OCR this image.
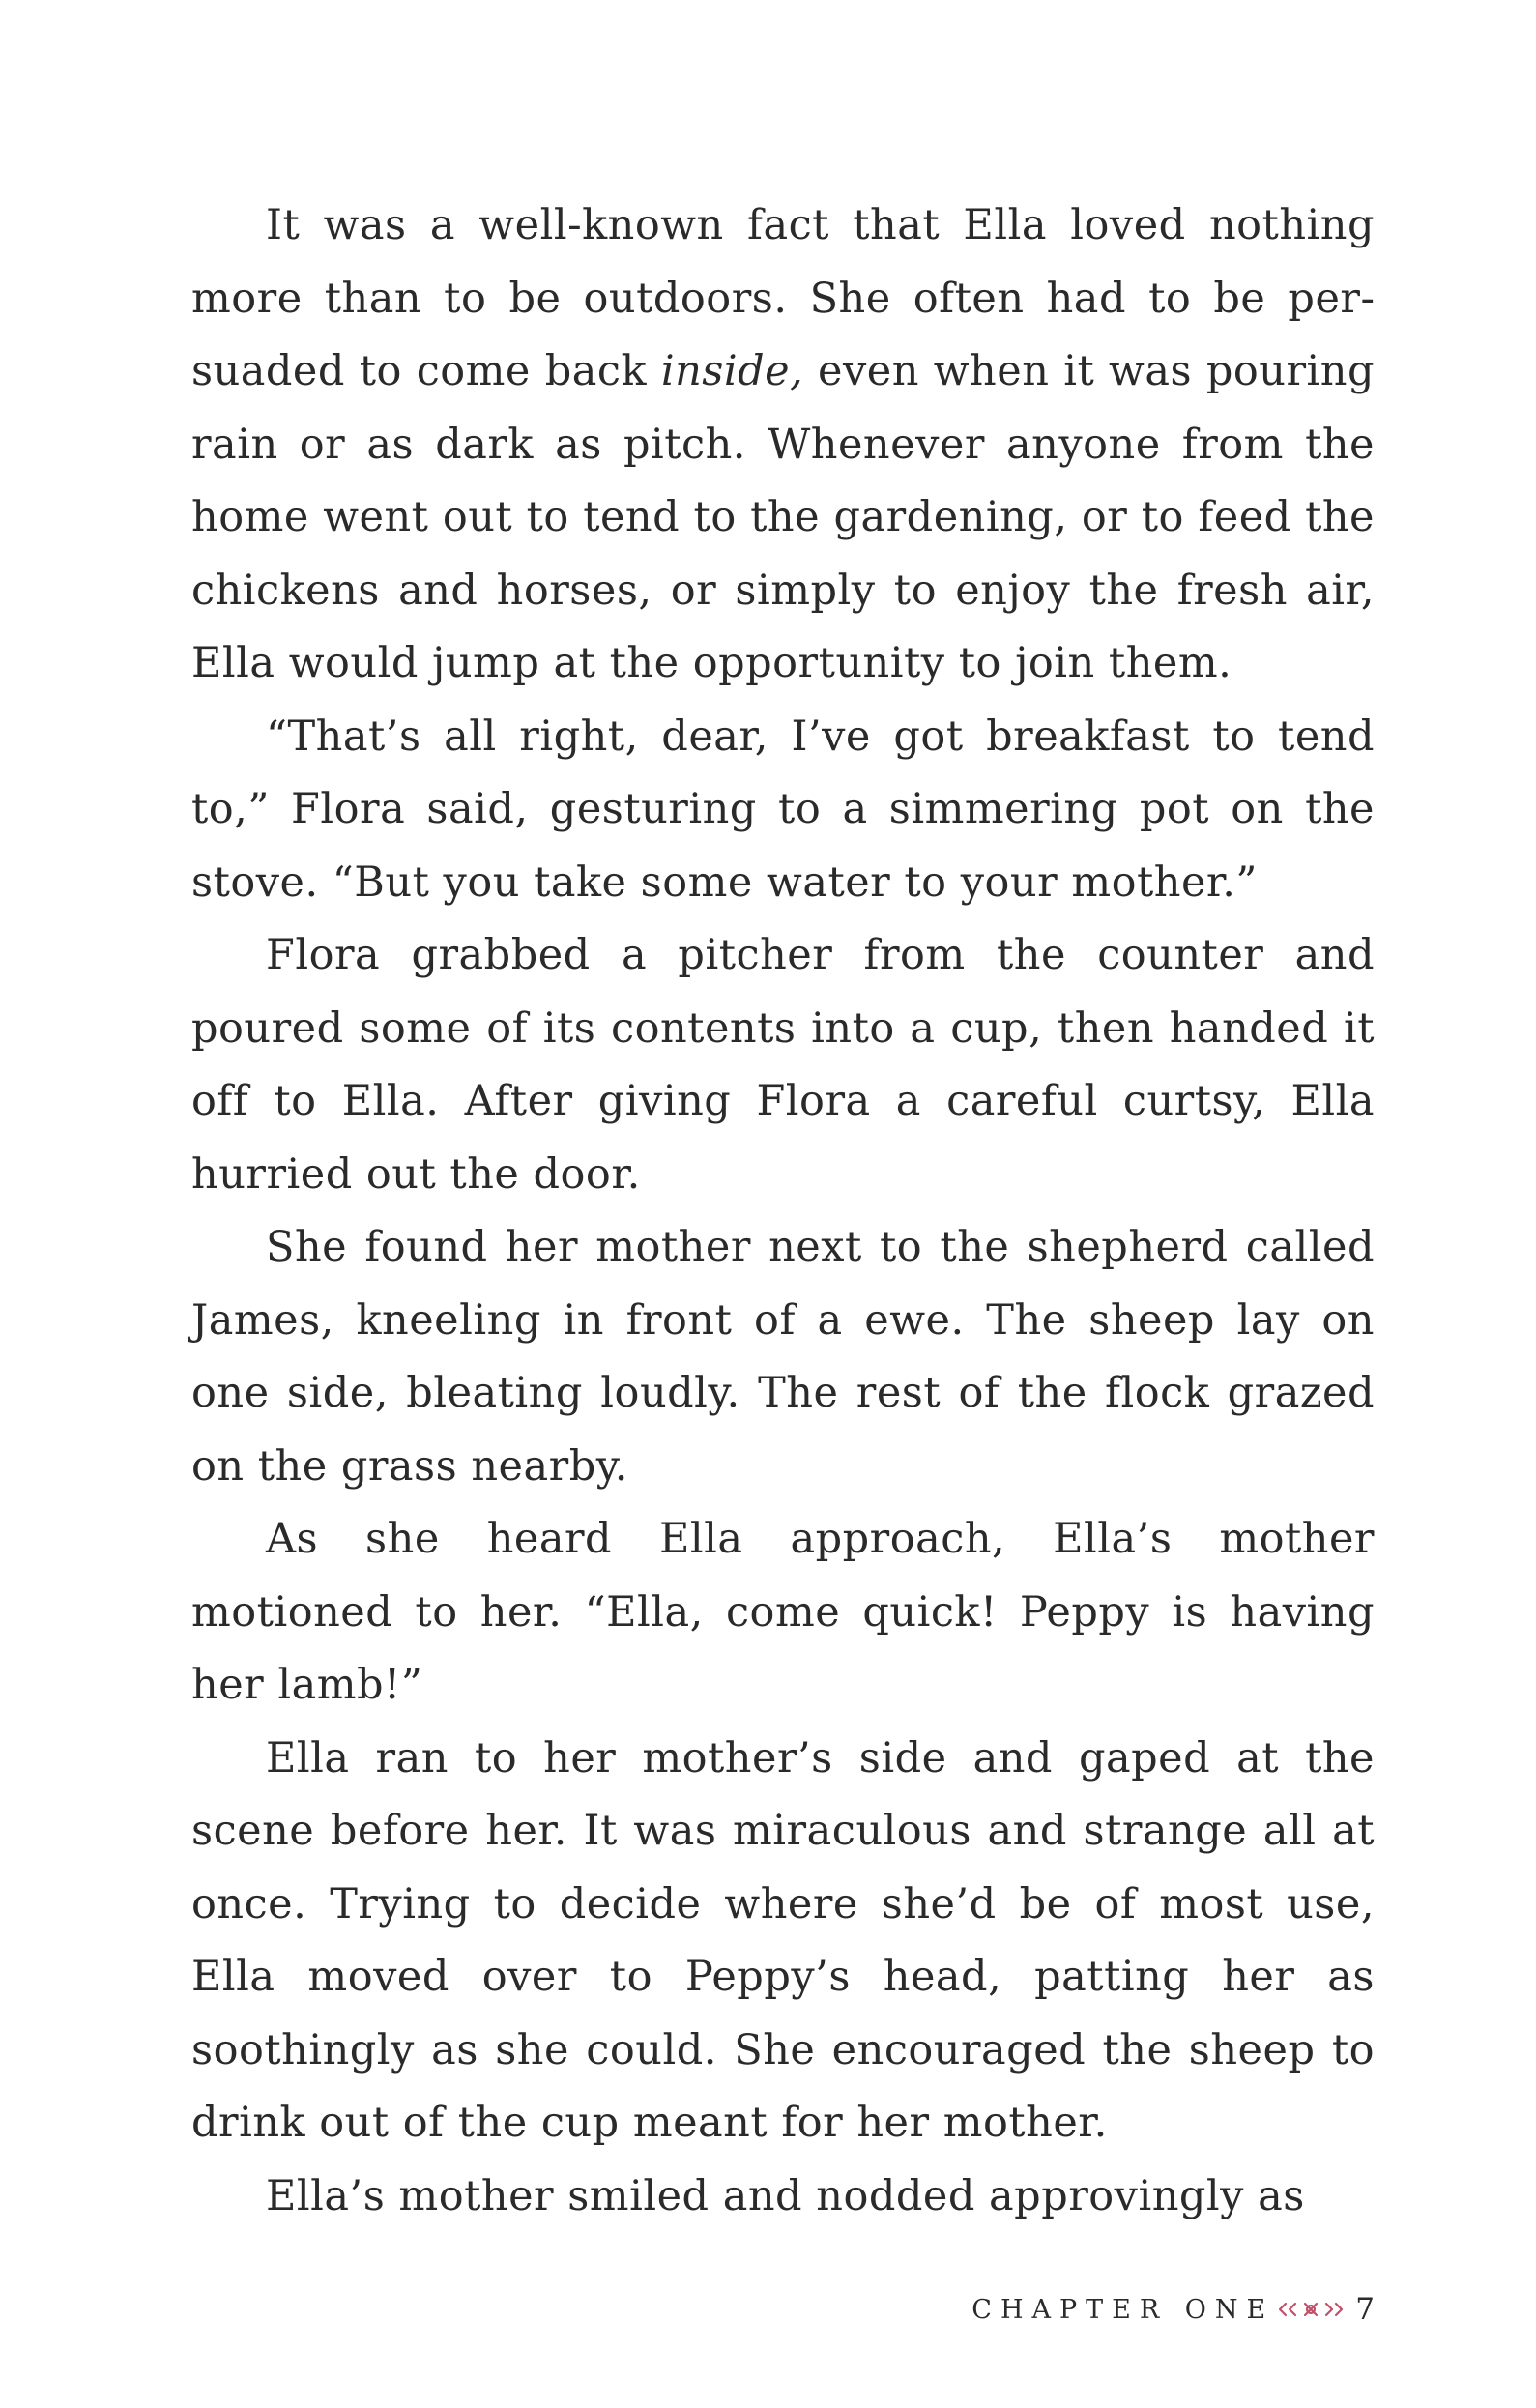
It was a well-known fact that Ella loved nothing more than to be outdoors. She often had to be persuaded to come back inside, even when it was pouring rain or as dark as pitch. Whenever anyone from the home went out to tend to the gardening, or to feed the chickens and horses, or simply to enjoy the fresh air, Ella would jump at the opportunity to join them.

“That’s all right, dear, I’ve got breakfast to tend to,” Flora said, gesturing to a simmering pot on the stove. “But you take some water to your mother.”

Flora grabbed a pitcher from the counter and poured some of its contents into a cup, then handed it off to Ella. After giving Flora a careful curtsy, Ella hurried out the door.

She found her mother next to the shepherd called James, kneeling in front of a ewe. The sheep lay on one side, bleating loudly. The rest of the flock grazed on the grass nearby.

As she heard Ella approach, Ella’s mother motioned to her. “Ella, come quick! Peppy is having her lamb!”

Ella ran to her mother’s side and gaped at the scene before her. It was miraculous and strange all at once. Trying to decide where she’d be of most use, Ella moved over to Peppy’s head, patting her as soothingly as she could. She encouraged the sheep to drink out of the cup meant for her mother.

Ella’s mother smiled and nodded approvingly as

CHAPTER ONE	7
